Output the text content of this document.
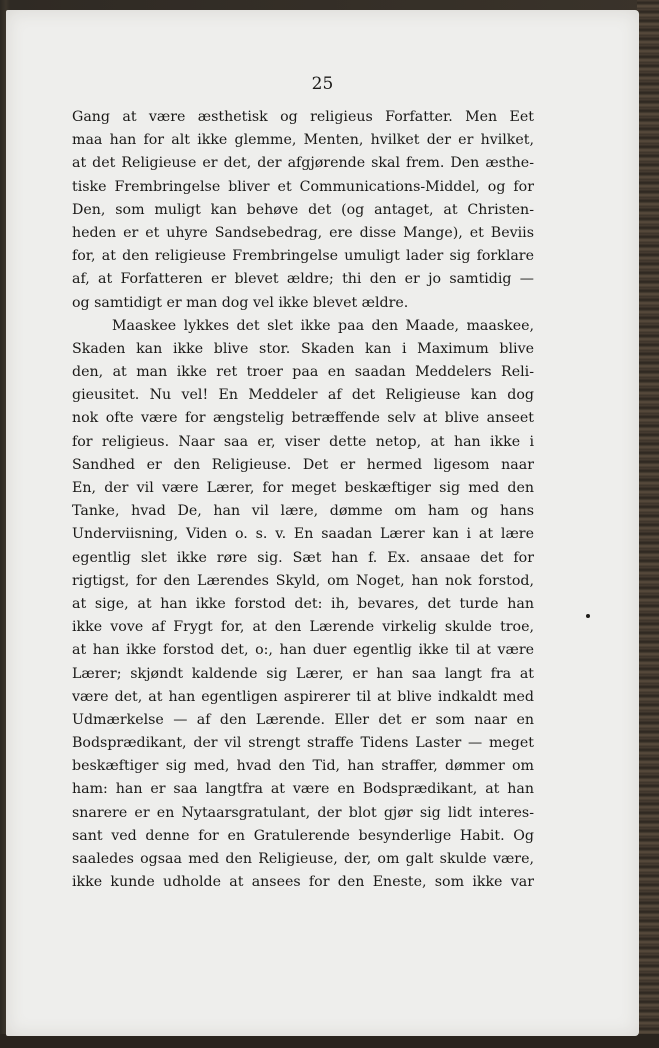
25
Gang at være æsthetisk og religieus Forfatter. Men Eet
maa han for alt ikke glemme, Menten, hvilket der er hvilket,
at det Religieuse er det, der afgjørende skal frem. Den æsthe-
tiske Frembringelse bliver et Communications-Middel, og for
Den, som muligt kan behøve det (og antaget, at Christen-
heden er et uhyre Sandsebedrag, ere disse Mange), et Beviis
for, at den religieuse Frembringelse umuligt lader sig forklare
af, at Forfatteren er blevet ældre; thi den er jo samtidig —
og samtidigt er man dog vel ikke blevet ældre.
Maaskee lykkes det slet ikke paa den Maade, maaskee,
Skaden kan ikke blive stor. Skaden kan i Maximum blive
den, at man ikke ret troer paa en saadan Meddelers Reli-
gieusitet. Nu vel! En Meddeler af det Religieuse kan dog
nok ofte være for ængstelig betræffende selv at blive anseet
for religieus. Naar saa er, viser dette netop, at han ikke i
Sandhed er den Religieuse. Det er hermed ligesom naar
En, der vil være Lærer, for meget beskæftiger sig med den
Tanke, hvad De, han vil lære, dømme om ham og hans
Underviisning, Viden o. s. v. En saadan Lærer kan i at lære
egentlig slet ikke røre sig. Sæt han f. Ex. ansaae det for
rigtigst, for den Lærendes Skyld, om Noget, han nok forstod,
at sige, at han ikke forstod det: ih, bevares, det turde han
ikke vove af Frygt for, at den Lærende virkelig skulde troe,
at han ikke forstod det, o:, han duer egentlig ikke til at være
Lærer; skjøndt kaldende sig Lærer, er han saa langt fra at
være det, at han egentligen aspirerer til at blive indkaldt med
Udmærkelse — af den Lærende. Eller det er som naar en
Bodsprædikant, der vil strengt straffe Tidens Laster — meget
beskæftiger sig med, hvad den Tid, han straffer, dømmer om
ham: han er saa langtfra at være en Bodsprædikant, at han
snarere er en Nytaarsgratulant, der blot gjør sig lidt interes-
sant ved denne for en Gratulerende besynderlige Habit. Og
saaledes ogsaa med den Religieuse, der, om galt skulde være,
ikke kunde udholde at ansees for den Eneste, som ikke var
